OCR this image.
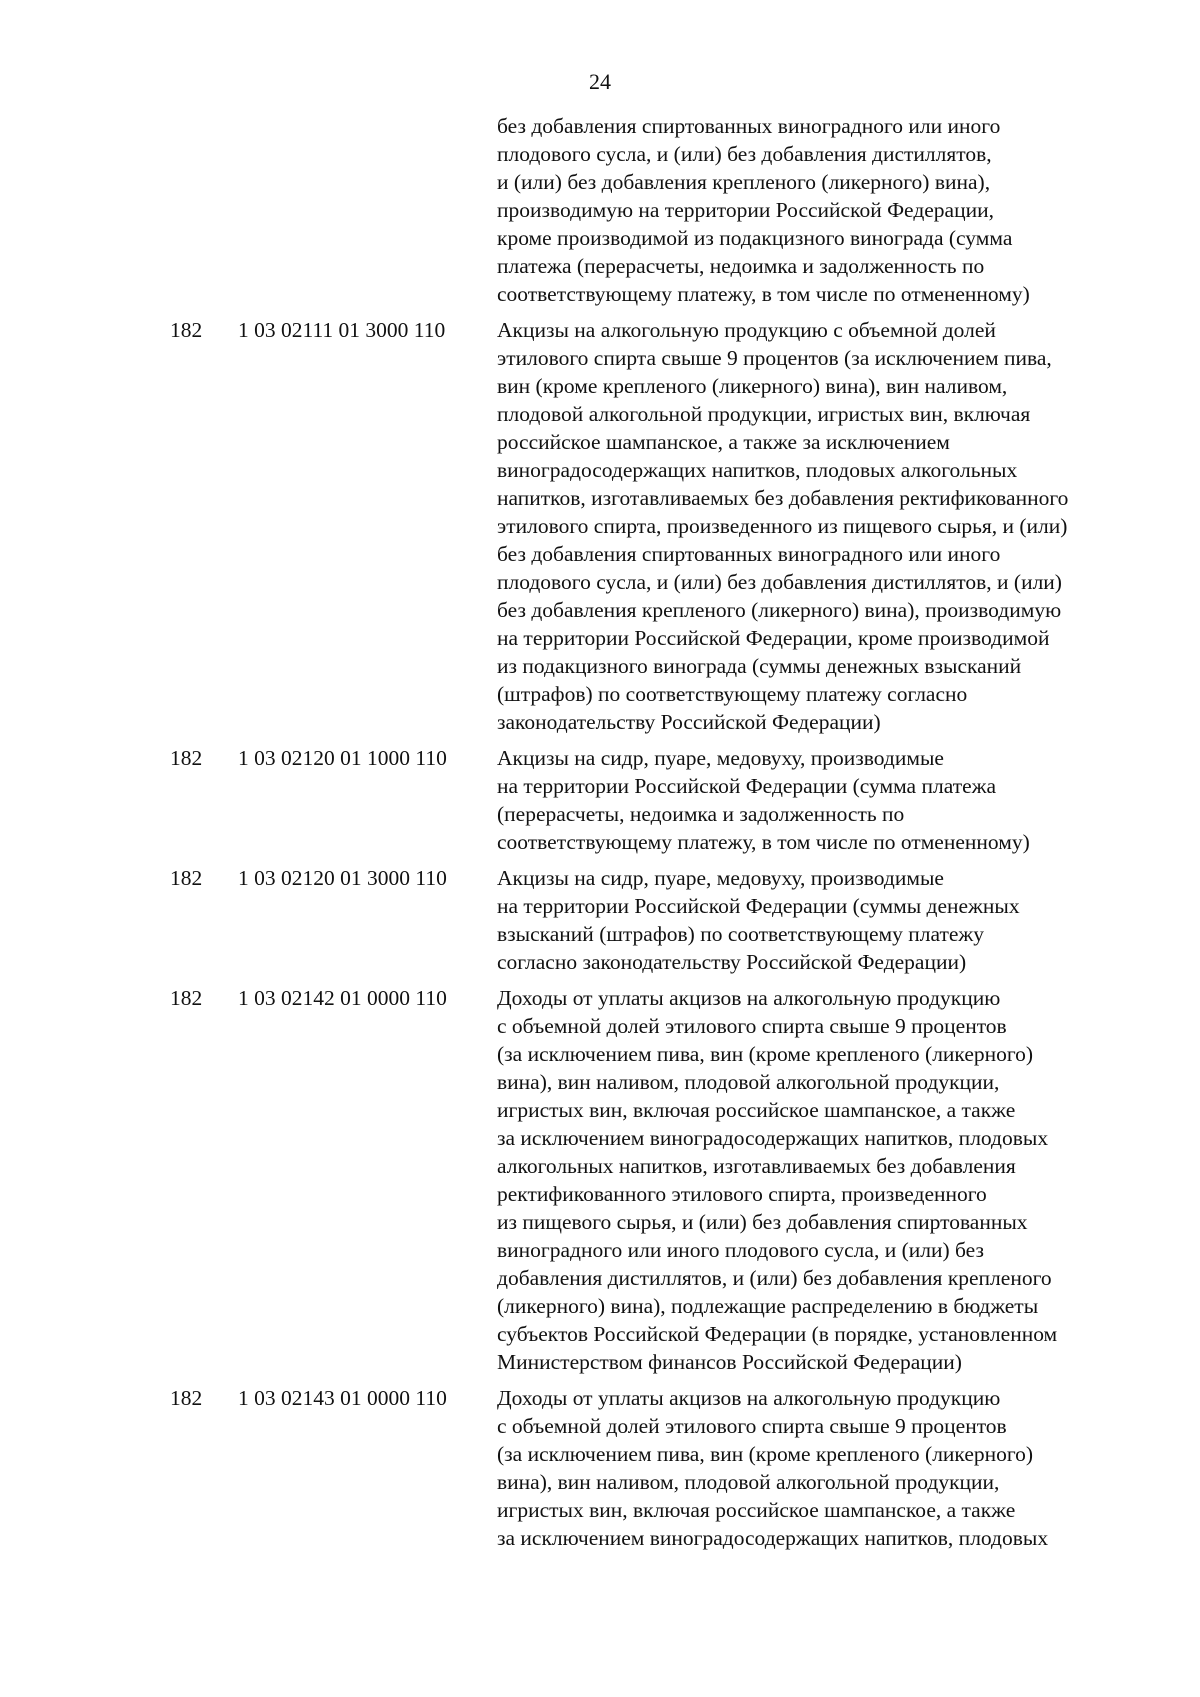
24
без добавления спиртованных виноградного или иного
плодового сусла, и (или) без добавления дистиллятов,
и (или) без добавления крепленого (ликерного) вина),
производимую на территории Российской Федерации,
кроме производимой из подакцизного винограда (сумма
платежа (перерасчеты, недоимка и задолженность по
соответствующему платежу, в том числе по отмененному)
182	1 03 02111 01 3000 110	Акцизы на алкогольную продукцию с объемной долей
этилового спирта свыше 9 процентов (за исключением пива,
вин (кроме крепленого (ликерного) вина), вин наливом,
плодовой алкогольной продукции, игристых вин, включая
российское шампанское, а также за исключением
виноградосодержащих напитков, плодовых алкогольных
напитков, изготавливаемых без добавления ректификованного
этилового спирта, произведенного из пищевого сырья, и (или)
без добавления спиртованных виноградного или иного
плодового сусла, и (или) без добавления дистиллятов, и (или)
без добавления крепленого (ликерного) вина), производимую
на территории Российской Федерации, кроме производимой
из подакцизного винограда (суммы денежных взысканий
(штрафов) по соответствующему платежу согласно
законодательству Российской Федерации)
182	1 03 02120 01 1000 110	Акцизы на сидр, пуаре, медовуху, производимые
на территории Российской Федерации (сумма платежа
(перерасчеты, недоимка и задолженность по
соответствующему платежу, в том числе по отмененному)
182	1 03 02120 01 3000 110	Акцизы на сидр, пуаре, медовуху, производимые
на территории Российской Федерации (суммы денежных
взысканий (штрафов) по соответствующему платежу
согласно законодательству Российской Федерации)
182	1 03 02142 01 0000 110	Доходы от уплаты акцизов на алкогольную продукцию
с объемной долей этилового спирта свыше 9 процентов
(за исключением пива, вин (кроме крепленого (ликерного)
вина), вин наливом, плодовой алкогольной продукции,
игристых вин, включая российское шампанское, а также
за исключением виноградосодержащих напитков, плодовых
алкогольных напитков, изготавливаемых без добавления
ректификованного этилового спирта, произведенного
из пищевого сырья, и (или) без добавления спиртованных
виноградного или иного плодового сусла, и (или) без
добавления дистиллятов, и (или) без добавления крепленого
(ликерного) вина), подлежащие распределению в бюджеты
субъектов Российской Федерации (в порядке, установленном
Министерством финансов Российской Федерации)
182	1 03 02143 01 0000 110	Доходы от уплаты акцизов на алкогольную продукцию
с объемной долей этилового спирта свыше 9 процентов
(за исключением пива, вин (кроме крепленого (ликерного)
вина), вин наливом, плодовой алкогольной продукции,
игристых вин, включая российское шампанское, а также
за исключением виноградосодержащих напитков, плодовых
